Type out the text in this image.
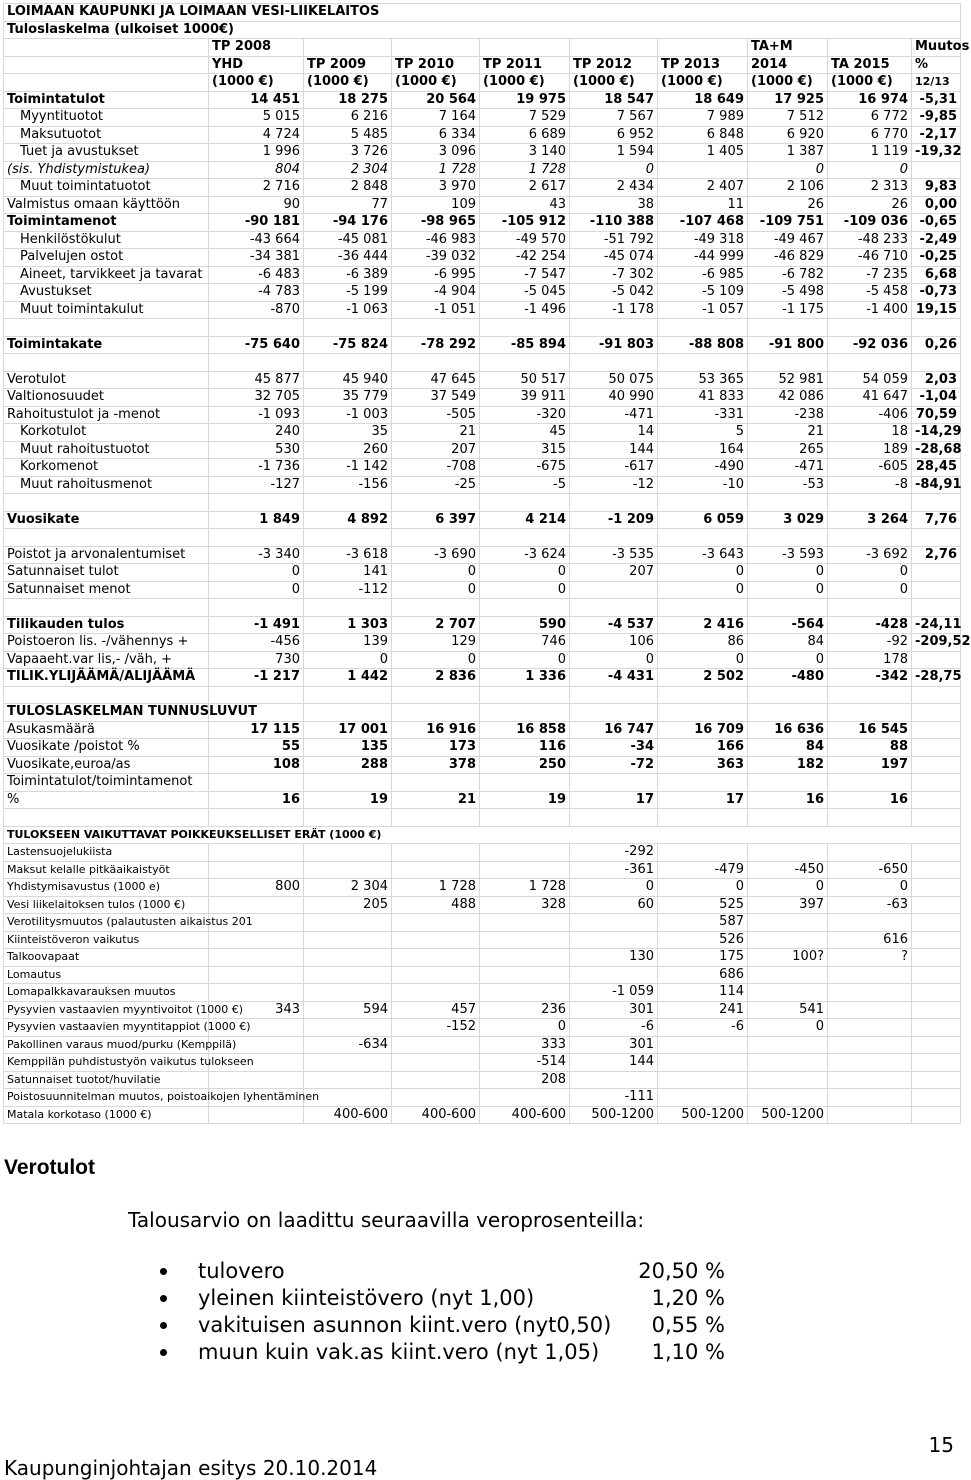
LOIMAAN KAUPUNKI JA LOIMAAN VESI-LIIKELAITOS									
Tuloslaskelma (ulkoiset 1000€)									
	TP 2008						TA+M		Muutos
	YHD	TP 2009	TP 2010	TP 2011	TP 2012	TP 2013	2014	TA 2015	%
	(1000 €)	(1000 €)	(1000 €)	(1000 €)	(1000 €)	(1000 €)	(1000 €)	(1000 €)	12/13
Toimintatulot	14 451	18 275	20 564	19 975	18 547	18 649	17 925	16 974	-5,31
Myyntituotot	5 015	6 216	7 164	7 529	7 567	7 989	7 512	6 772	-9,85
Maksutuotot	4 724	5 485	6 334	6 689	6 952	6 848	6 920	6 770	-2,17
Tuet ja avustukset	1 996	3 726	3 096	3 140	1 594	1 405	1 387	1 119	-19,32
(sis. Yhdistymistukea)	804	2 304	1 728	1 728	0		0	0	
Muut toimintatuotot	2 716	2 848	3 970	2 617	2 434	2 407	2 106	2 313	9,83
Valmistus omaan käyttöön	90	77	109	43	38	11	26	26	0,00
Toimintamenot	-90 181	-94 176	-98 965	-105 912	-110 388	-107 468	-109 751	-109 036	-0,65
Henkilöstökulut	-43 664	-45 081	-46 983	-49 570	-51 792	-49 318	-49 467	-48 233	-2,49
Palvelujen ostot	-34 381	-36 444	-39 032	-42 254	-45 074	-44 999	-46 829	-46 710	-0,25
Aineet, tarvikkeet ja tavarat	-6 483	-6 389	-6 995	-7 547	-7 302	-6 985	-6 782	-7 235	6,68
Avustukset	-4 783	-5 199	-4 904	-5 045	-5 042	-5 109	-5 498	-5 458	-0,73
Muut toimintakulut	-870	-1 063	-1 051	-1 496	-1 178	-1 057	-1 175	-1 400	19,15

Toimintakate	-75 640	-75 824	-78 292	-85 894	-91 803	-88 808	-91 800	-92 036	0,26

Verotulot	45 877	45 940	47 645	50 517	50 075	53 365	52 981	54 059	2,03
Valtionosuudet	32 705	35 779	37 549	39 911	40 990	41 833	42 086	41 647	-1,04
Rahoitustulot ja -menot	-1 093	-1 003	-505	-320	-471	-331	-238	-406	70,59
Korkotulot	240	35	21	45	14	5	21	18	-14,29
Muut rahoitustuotot	530	260	207	315	144	164	265	189	-28,68
Korkomenot	-1 736	-1 142	-708	-675	-617	-490	-471	-605	28,45
Muut rahoitusmenot	-127	-156	-25	-5	-12	-10	-53	-8	-84,91

Vuosikate	1 849	4 892	6 397	4 214	-1 209	6 059	3 029	3 264	7,76

Poistot ja arvonalentumiset	-3 340	-3 618	-3 690	-3 624	-3 535	-3 643	-3 593	-3 692	2,76
Satunnaiset tulot	0	141	0	0	207	0	0	0	
Satunnaiset menot	0	-112	0	0		0	0	0	

Tilikauden tulos	-1 491	1 303	2 707	590	-4 537	2 416	-564	-428	-24,11
Poistoeron lis. -/vähennys +	-456	139	129	746	106	86	84	-92	-209,52
Vapaaeht.var lis,- /väh, +	730	0	0	0	0	0	0	178	
TILIK.YLIJÄÄMÄ/ALIJÄÄMÄ	-1 217	1 442	2 836	1 336	-4 431	2 502	-480	-342	-28,75

TULOSLASKELMAN TUNNUSLUVUT									
Asukasmäärä	17 115	17 001	16 916	16 858	16 747	16 709	16 636	16 545	
Vuosikate /poistot %	55	135	173	116	-34	166	84	88	
Vuosikate,euroa/as	108	288	378	250	-72	363	182	197	
Toimintatulot/toimintamenot									
%	16	19	21	19	17	17	16	16	

TULOKSEEN VAIKUTTAVAT POIKKEUKSELLISET ERÄT (1000 €)									
Lastensuojelukiista					-292				
Maksut kelalle pitkäaikaistyöt					-361	-479	-450	-650	
Yhdistymisavustus (1000 e)	800	2 304	1 728	1 728	0	0	0	0	
Vesi liikelaitoksen tulos (1000 €)		205	488	328	60	525	397	-63	
Verotilitysmuutos (palautusten aikaistus 201						587			
Kiinteistöveron vaikutus						526		616	
Talkoovapaat					130	175	100?	?	
Lomautus						686			
Lomapalkkavarauksen muutos					-1 059	114			
Pysyvien vastaavien myyntivoitot (1000 €)	343	594	457	236	301	241	541		
Pysyvien vastaavien myyntitappiot (1000 €)			-152	0	-6	-6	0		
Pakollinen varaus muod/purku (Kemppilä)		-634		333	301				
Kemppilän puhdistustyön vaikutus tulokseen				-514	144				
Satunnaiset tuotot/huvilatie				208					
Poistosuunnitelman muutos, poistoaikojen lyhentäminen					-111				
Matala korkotaso (1000 €)		400-600	400-600	400-600	500-1200	500-1200	500-1200		
Verotulot
Talousarvio on laadittu seuraavilla veroprosenteilla:
tulovero	20,50 %
yleinen kiinteistövero (nyt 1,00)	1,20 %
vakituisen asunnon kiint.vero (nyt0,50) 0,55 %
muun kuin vak.as kiint.vero (nyt 1,05) 1,10 %
Kaupunginjohtajan esitys 20.10.2014
15
